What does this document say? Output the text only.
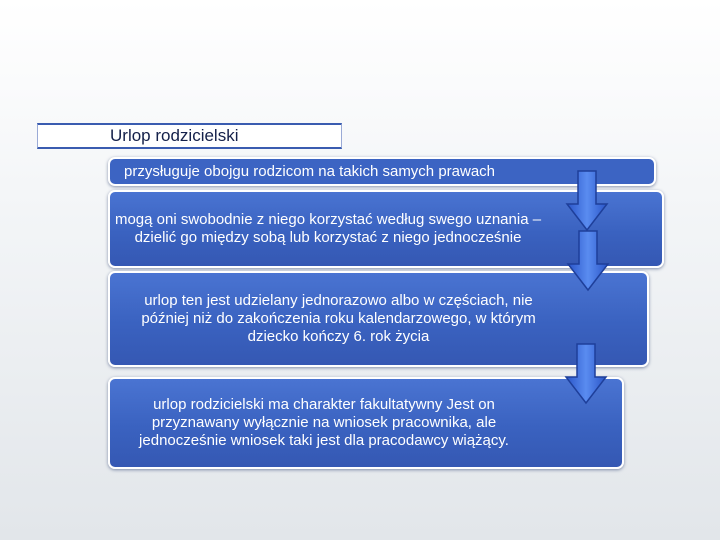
Urlop rodzicielski
przysługuje obojgu rodzicom na takich samych prawach
mogą oni swobodnie z niego korzystać według swego uznania – dzielić go między sobą lub korzystać z niego jednocześnie
urlop ten jest udzielany jednorazowo albo w częściach, nie później niż do zakończenia roku kalendarzowego, w którym dziecko kończy 6. rok życia
urlop rodzicielski ma charakter fakultatywny Jest on przyznawany wyłącznie na wniosek pracownika, ale jednocześnie wniosek taki jest dla pracodawcy wiążący.
